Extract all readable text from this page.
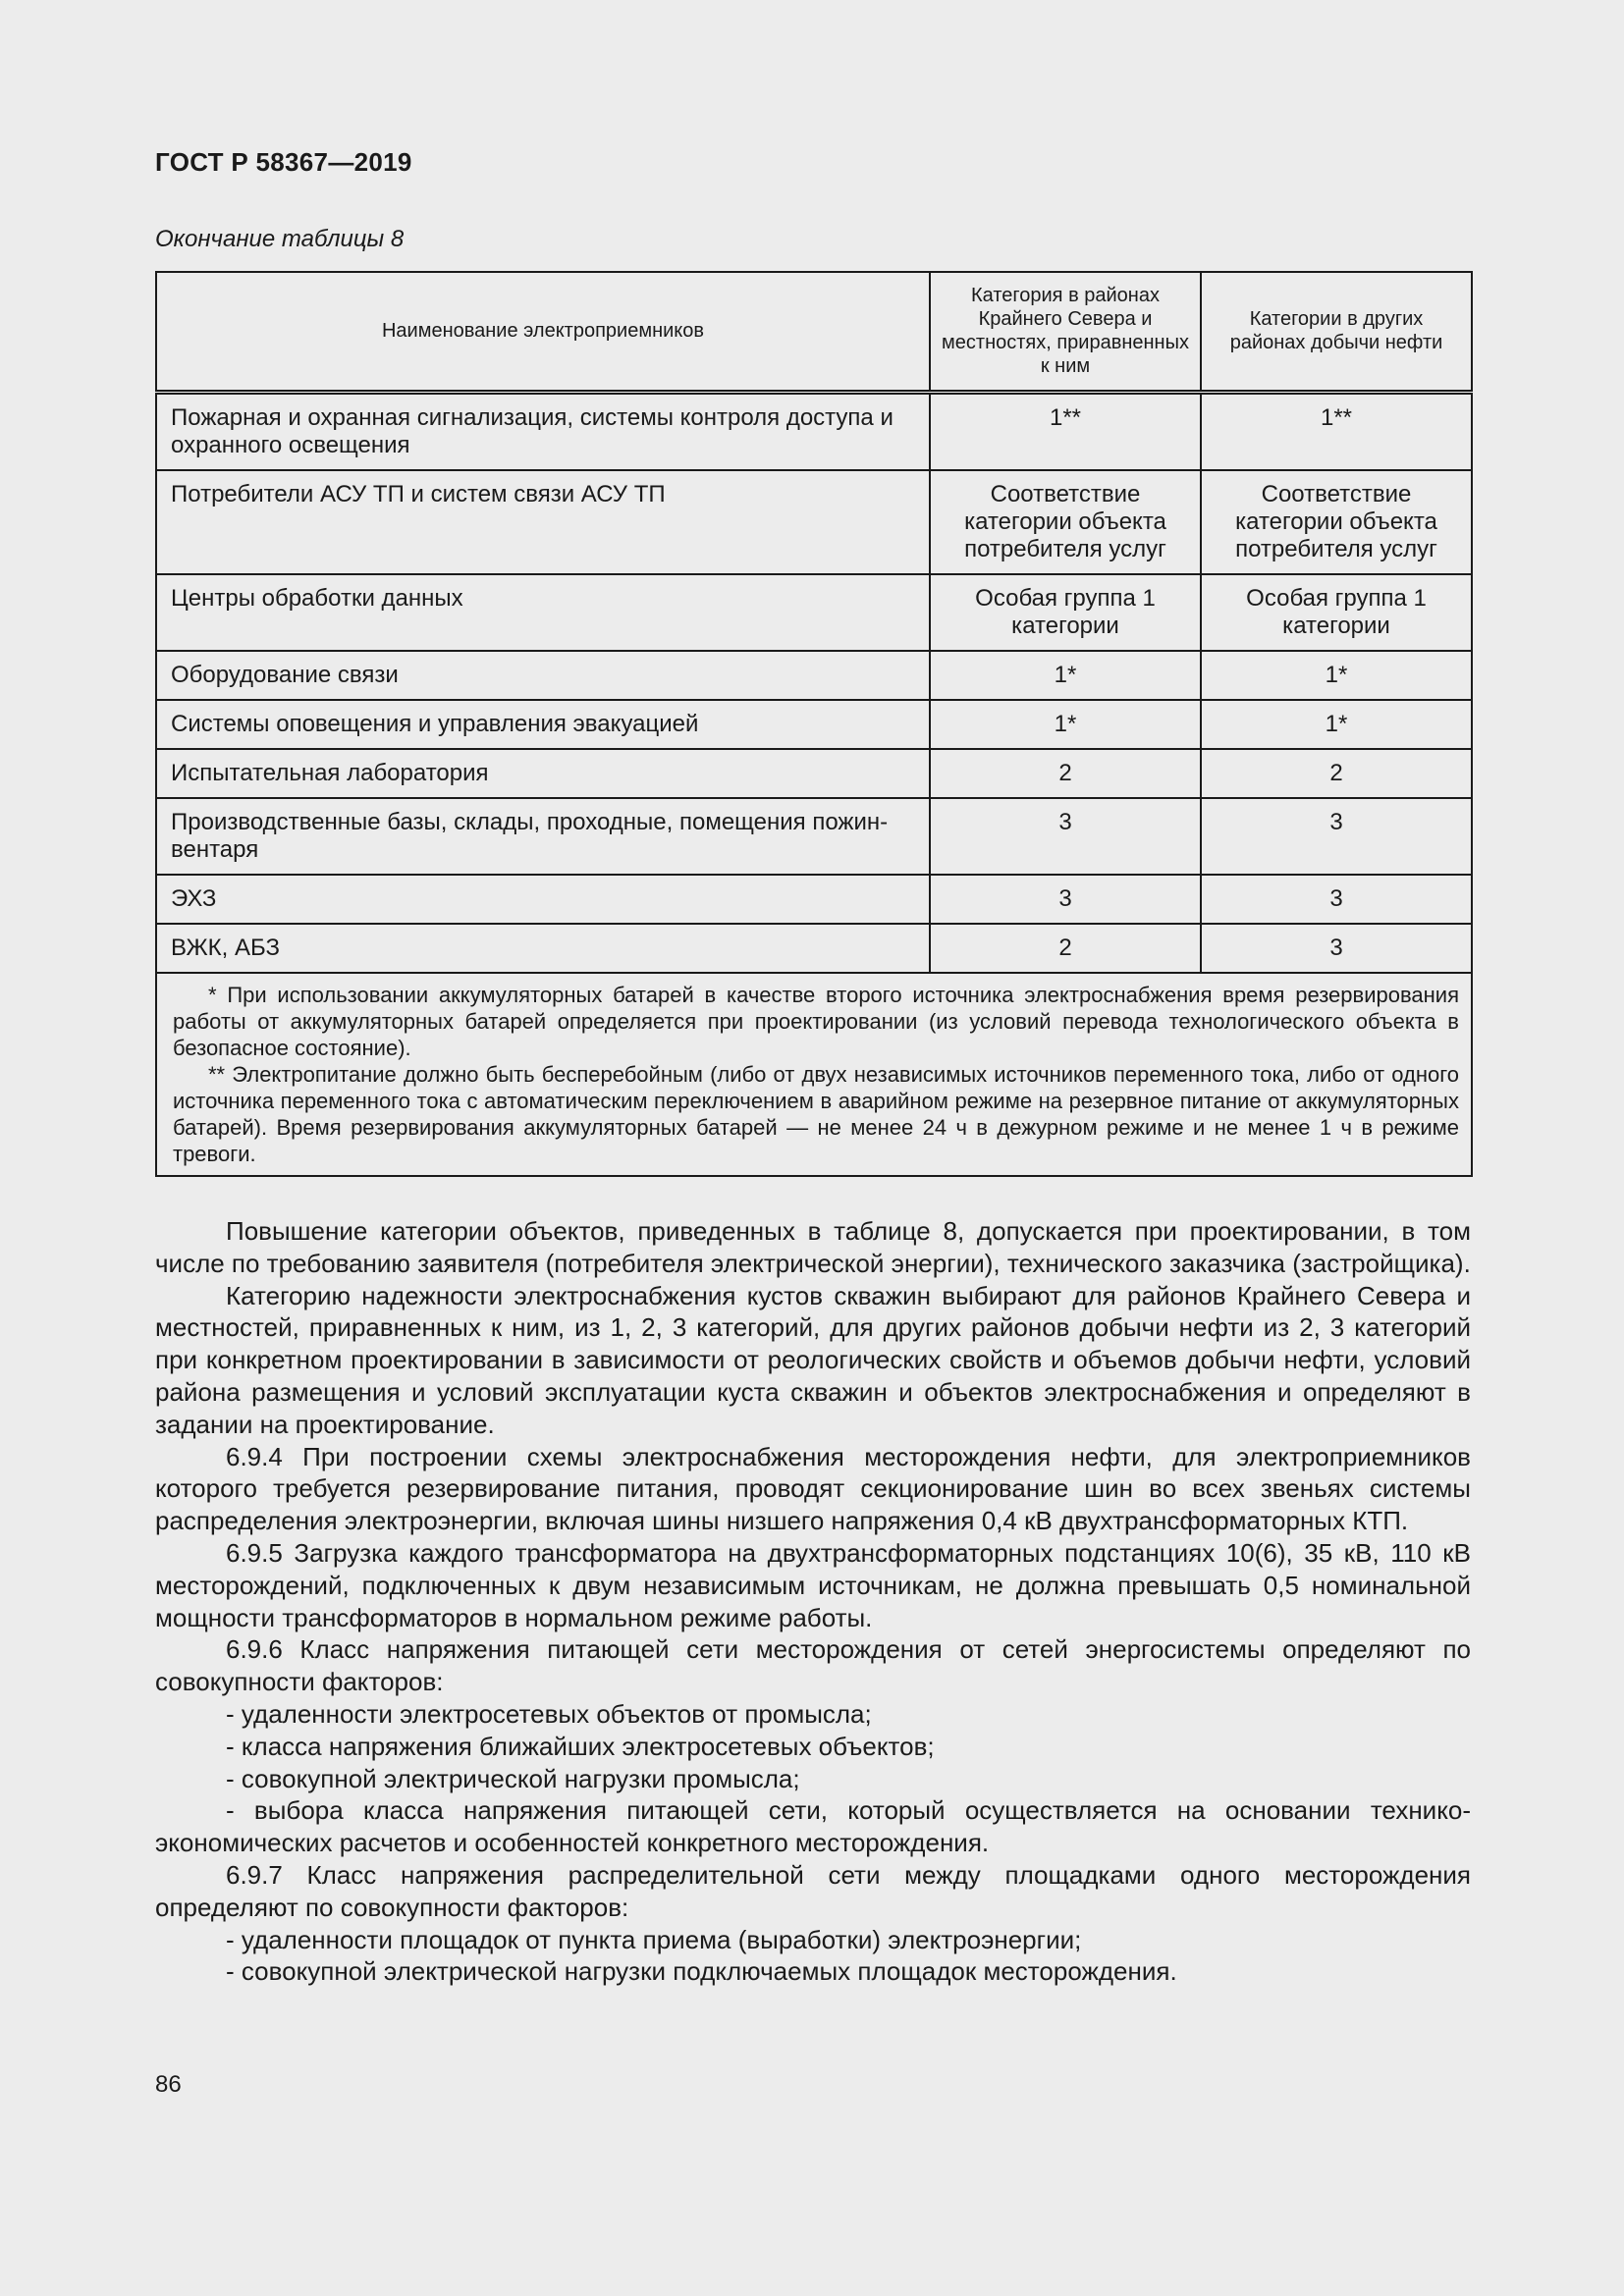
ГОСТ Р 58367—2019
Окончание таблицы 8
Наименование электроприемников	Категория в районах Крайнего Севера и местностях, приравненных к ним	Категории в других районах добычи нефти
Пожарная и охранная сигнализация, системы контроля доступа и охранного освещения	1**	1**
Потребители АСУ ТП и систем связи АСУ ТП	Соответствие категории объекта потребителя услуг	Соответствие категории объекта потребителя услуг
Центры обработки данных	Особая группа 1 категории	Особая группа 1 категории
Оборудование связи	1*	1*
Системы оповещения и управления эвакуацией	1*	1*
Испытательная лаборатория	2	2
Производственные базы, склады, проходные, помещения пожин-вентаря	3	3
ЭХЗ	3	3
ВЖК, АБЗ	2	3

* При использовании аккумуляторных батарей в качестве второго источника электроснабжения время резервирования работы от аккумуляторных батарей определяется при проектировании (из условий перевода технологического объекта в безопасное состояние).

** Электропитание должно быть бесперебойным (либо от двух независимых источников переменного тока, либо от одного источника переменного тока с автоматическим переключением в аварийном режиме на резервное питание от аккумуляторных батарей). Время резервирования аккумуляторных батарей — не менее 24 ч в дежурном режиме и не менее 1 ч в режиме тревоги.		

Повышение категории объектов, приведенных в таблице 8, допускается при проектировании, в том числе по требованию заявителя (потребителя электрической энергии), технического заказчика (застройщика).

Категорию надежности электроснабжения кустов скважин выбирают для районов Крайнего Севера и местностей, приравненных к ним, из 1, 2, 3 категорий, для других районов добычи нефти из 2, 3 категорий при конкретном проектировании в зависимости от реологических свойств и объемов добычи нефти, условий района размещения и условий эксплуатации куста скважин и объектов электроснабжения и определяют в задании на проектирование.

6.9.4 При построении схемы электроснабжения месторождения нефти, для электроприемников которого требуется резервирование питания, проводят секционирование шин во всех звеньях системы распределения электроэнергии, включая шины низшего напряжения 0,4 кВ двухтрансформаторных КТП.

6.9.5 Загрузка каждого трансформатора на двухтрансформаторных подстанциях 10(6), 35 кВ, 110 кВ месторождений, подключенных к двум независимым источникам, не должна превышать 0,5 номинальной мощности трансформаторов в нормальном режиме работы.

6.9.6 Класс напряжения питающей сети месторождения от сетей энергосистемы определяют по совокупности факторов:

- удаленности электросетевых объектов от промысла;

- класса напряжения ближайших электросетевых объектов;

- совокупной электрической нагрузки промысла;

- выбора класса напряжения питающей сети, который осуществляется на основании технико-экономических расчетов и особенностей конкретного месторождения.

6.9.7 Класс напряжения распределительной сети между площадками одного месторождения определяют по совокупности факторов:

- удаленности площадок от пункта приема (выработки) электроэнергии;

- совокупной электрической нагрузки подключаемых площадок месторождения.

86
